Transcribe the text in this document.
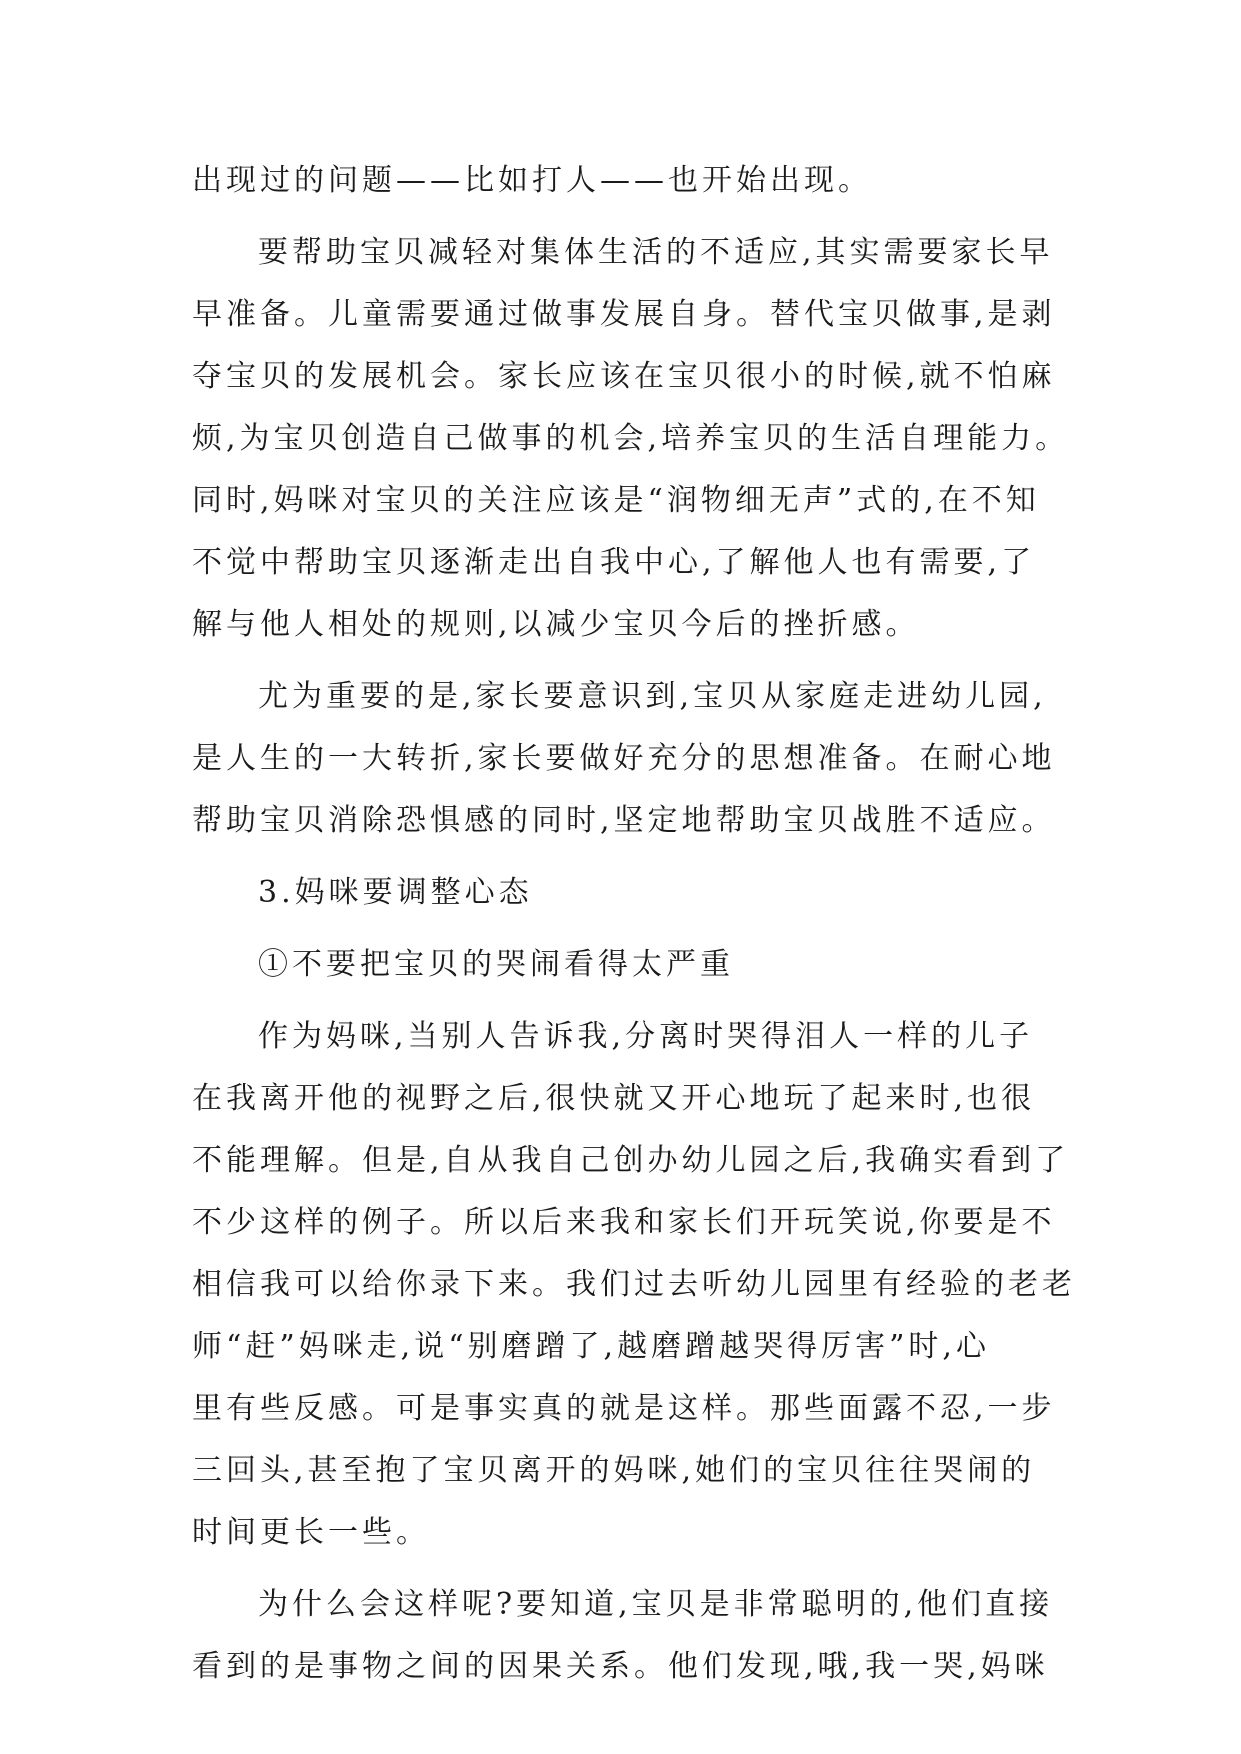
出现过的问题——比如打人——也开始出现。
要帮助宝贝减轻对集体生活的不适应,其实需要家长早
早准备。儿童需要通过做事发展自身。替代宝贝做事,是剥
夺宝贝的发展机会。家长应该在宝贝很小的时候,就不怕麻
烦,为宝贝创造自己做事的机会,培养宝贝的生活自理能力。
同时,妈咪对宝贝的关注应该是“润物细无声”式的,在不知
不觉中帮助宝贝逐渐走出自我中心,了解他人也有需要,了
解与他人相处的规则,以减少宝贝今后的挫折感。
尤为重要的是,家长要意识到,宝贝从家庭走进幼儿园,
是人生的一大转折,家长要做好充分的思想准备。在耐心地
帮助宝贝消除恐惧感的同时,坚定地帮助宝贝战胜不适应。
3.妈咪要调整心态
①不要把宝贝的哭闹看得太严重
作为妈咪,当别人告诉我,分离时哭得泪人一样的儿子
在我离开他的视野之后,很快就又开心地玩了起来时,也很
不能理解。但是,自从我自己创办幼儿园之后,我确实看到了
不少这样的例子。所以后来我和家长们开玩笑说,你要是不
相信我可以给你录下来。我们过去听幼儿园里有经验的老老
师“赶”妈咪走,说“别磨蹭了,越磨蹭越哭得厉害”时,心
里有些反感。可是事实真的就是这样。那些面露不忍,一步
三回头,甚至抱了宝贝离开的妈咪,她们的宝贝往往哭闹的
时间更长一些。
为什么会这样呢?要知道,宝贝是非常聪明的,他们直接
看到的是事物之间的因果关系。他们发现,哦,我一哭,妈咪
